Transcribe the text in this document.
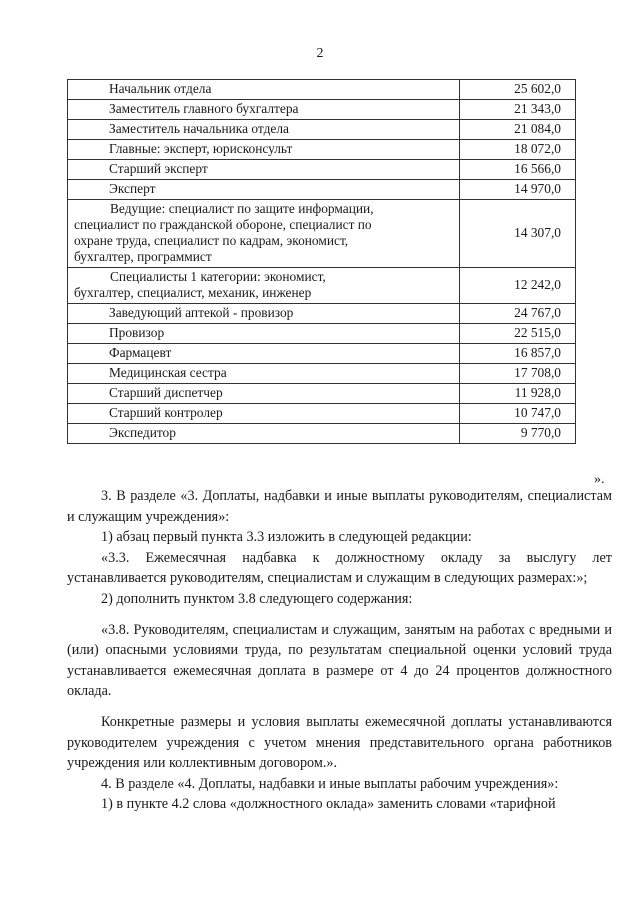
2
Начальник отдела	25 602,0
Заместитель главного бухгалтера	21 343,0
Заместитель начальника отдела	21 084,0
Главные: эксперт, юрисконсульт	18 072,0
Старший эксперт	16 566,0
Эксперт	14 970,0

Ведущие: специалист по защите информации,
специалист по гражданской обороне, специалист по
охране труда, специалист по кадрам, экономист,
бухгалтер, программист	14 307,0

Специалисты 1 категории: экономист,
бухгалтер, специалист, механик, инженер	12 242,0
Заведующий аптекой - провизор	24 767,0
Провизор	22 515,0
Фармацевт	16 857,0
Медицинская сестра	17 708,0
Старший диспетчер	11 928,0
Старший контролер	10 747,0
Экспедитор	9 770,0
».

3. В разделе «3. Доплаты, надбавки и иные выплаты руководителям, специалистам и служащим учреждения»:

1) абзац первый пункта 3.3 изложить в следующей редакции:

«3.3. Ежемесячная надбавка к должностному окладу за выслугу лет устанавливается руководителям, специалистам и служащим в следующих размерах:»;

2) дополнить пунктом 3.8 следующего содержания:

«3.8. Руководителям, специалистам и служащим, занятым на работах с вредными и (или) опасными условиями труда, по результатам специальной оценки условий труда устанавливается ежемесячная доплата в размере от 4 до 24 процентов должностного оклада.

Конкретные размеры и условия выплаты ежемесячной доплаты устанавливаются руководителем учреждения с учетом мнения представительного органа работников учреждения или коллективным договором.».

4. В разделе «4. Доплаты, надбавки и иные выплаты рабочим учреждения»:

1) в пункте 4.2 слова «должностного оклада» заменить словами «тарифной
